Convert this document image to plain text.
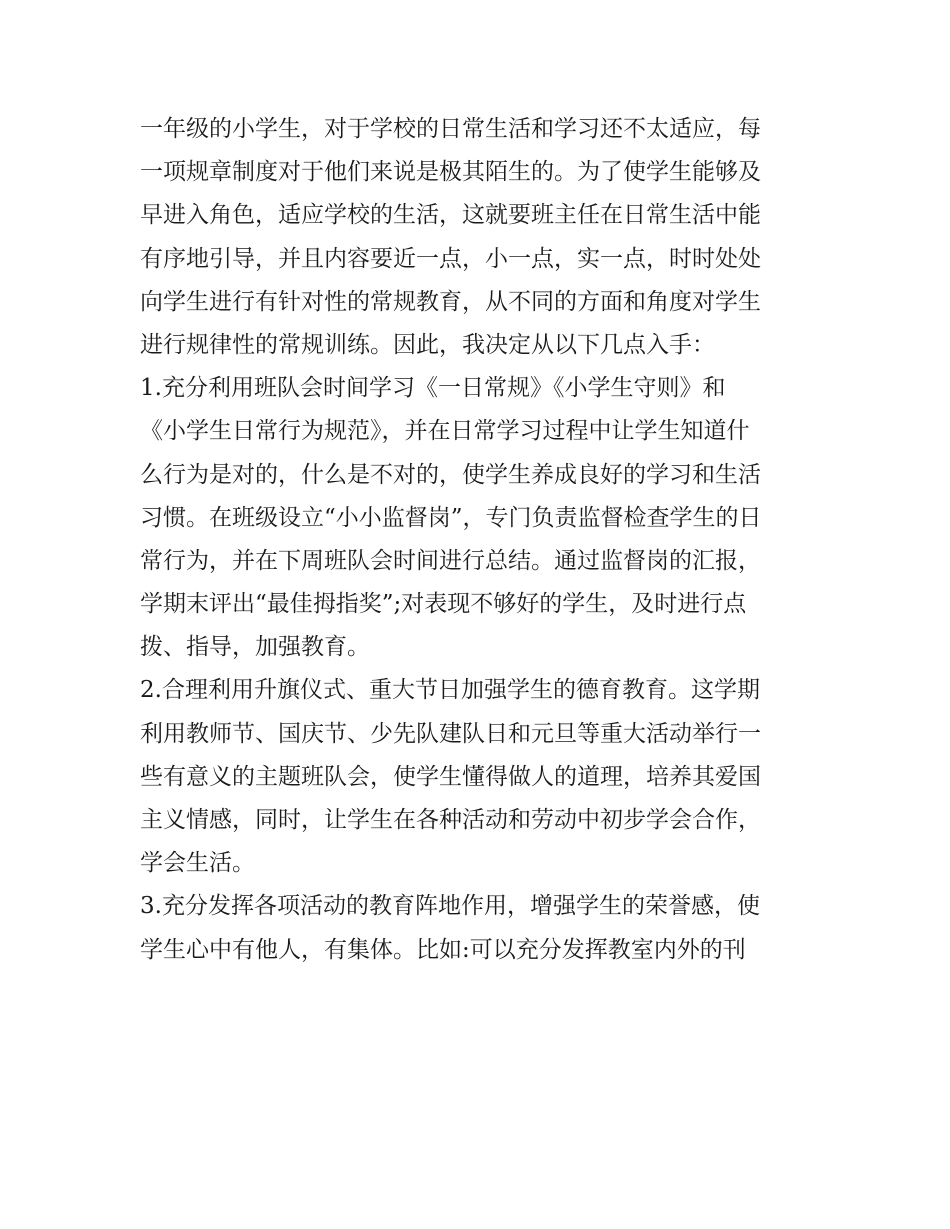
一年级的小学生，对于学校的日常生活和学习还不太适应，每
一项规章制度对于他们来说是极其陌生的。为了使学生能够及
早进入角色，适应学校的生活，这就要班主任在日常生活中能
有序地引导，并且内容要近一点，小一点，实一点，时时处处
向学生进行有针对性的常规教育，从不同的方面和角度对学生
进行规律性的常规训练。因此，我决定从以下几点入手：
1.充分利用班队会时间学习《一日常规》《小学生守则》和
《小学生日常行为规范》，并在日常学习过程中让学生知道什
么行为是对的，什么是不对的，使学生养成良好的学习和生活
习惯。在班级设立“小小监督岗”，专门负责监督检查学生的日
常行为，并在下周班队会时间进行总结。通过监督岗的汇报，
学期末评出“最佳拇指奖”;对表现不够好的学生，及时进行点
拨、指导，加强教育。
2.合理利用升旗仪式、重大节日加强学生的德育教育。这学期
利用教师节、国庆节、少先队建队日和元旦等重大活动举行一
些有意义的主题班队会，使学生懂得做人的道理，培养其爱国
主义情感，同时，让学生在各种活动和劳动中初步学会合作，
学会生活。
3.充分发挥各项活动的教育阵地作用，增强学生的荣誉感，使
学生心中有他人，有集体。比如:可以充分发挥教室内外的刊
